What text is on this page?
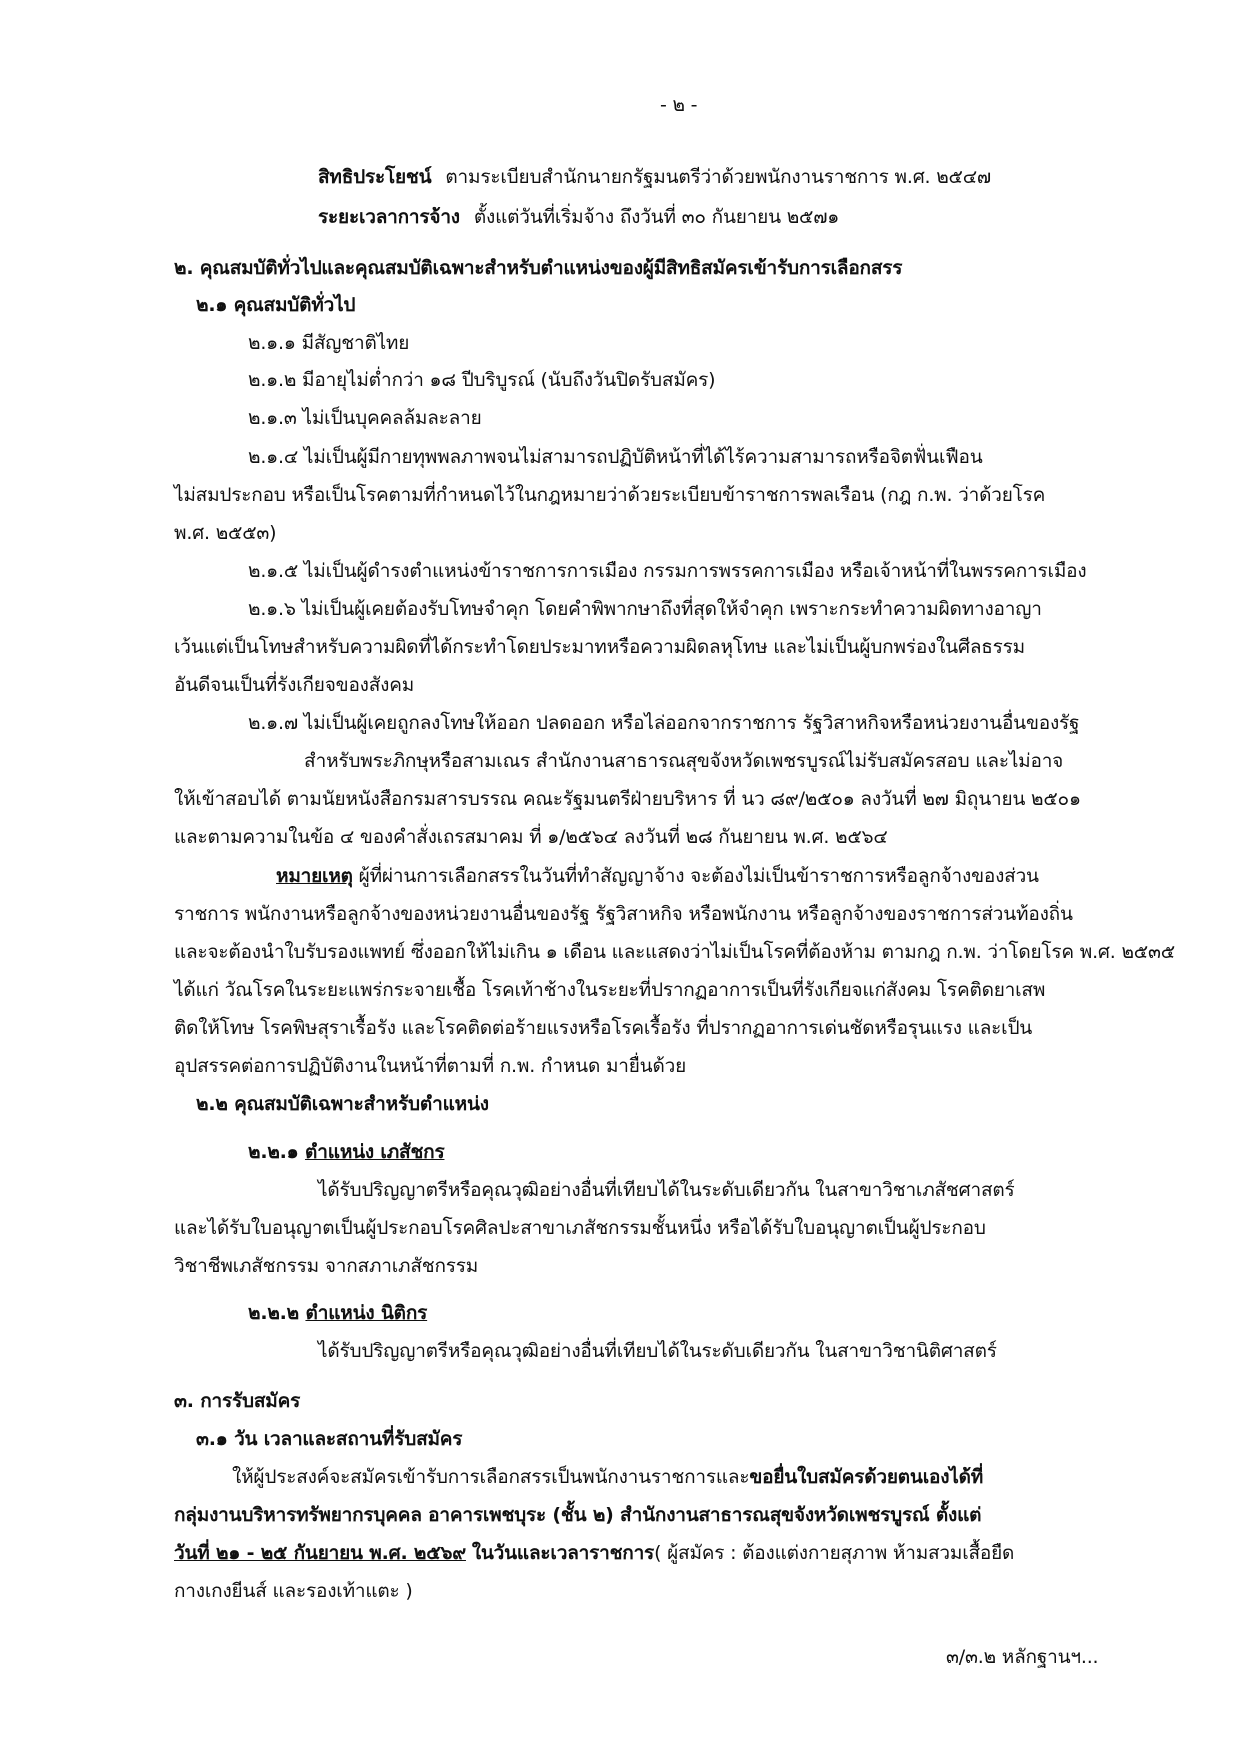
- ๒ -
สิทธิประโยชน์ ตามระเบียบสำนักนายกรัฐมนตรีว่าด้วยพนักงานราชการ พ.ศ. ๒๕๔๗
ระยะเวลาการจ้าง ตั้งแต่วันที่เริ่มจ้าง ถึงวันที่ ๓๐ กันยายน ๒๕๗๑
๒. คุณสมบัติทั่วไปและคุณสมบัติเฉพาะสำหรับตำแหน่งของผู้มีสิทธิสมัครเข้ารับการเลือกสรร
๒.๑ คุณสมบัติทั่วไป
๒.๑.๑ มีสัญชาติไทย
๒.๑.๒ มีอายุไม่ต่ำกว่า ๑๘ ปีบริบูรณ์ (นับถึงวันปิดรับสมัคร)
๒.๑.๓ ไม่เป็นบุคคลล้มละลาย
๒.๑.๔ ไม่เป็นผู้มีกายทุพพลภาพจนไม่สามารถปฏิบัติหน้าที่ได้ไร้ความสามารถหรือจิตฟั่นเฟือน
ไม่สมประกอบ หรือเป็นโรคตามที่กำหนดไว้ในกฎหมายว่าด้วยระเบียบข้าราชการพลเรือน (กฎ ก.พ. ว่าด้วยโรค
พ.ศ. ๒๕๕๓)
๒.๑.๕ ไม่เป็นผู้ดำรงตำแหน่งข้าราชการการเมือง กรรมการพรรคการเมือง หรือเจ้าหน้าที่ในพรรคการเมือง
๒.๑.๖ ไม่เป็นผู้เคยต้องรับโทษจำคุก โดยคำพิพากษาถึงที่สุดให้จำคุก เพราะกระทำความผิดทางอาญา
เว้นแต่เป็นโทษสำหรับความผิดที่ได้กระทำโดยประมาทหรือความผิดลหุโทษ และไม่เป็นผู้บกพร่องในศีลธรรม
อันดีจนเป็นที่รังเกียจของสังคม
๒.๑.๗ ไม่เป็นผู้เคยถูกลงโทษให้ออก ปลดออก หรือไล่ออกจากราชการ รัฐวิสาหกิจหรือหน่วยงานอื่นของรัฐ
สำหรับพระภิกษุหรือสามเณร สำนักงานสาธารณสุขจังหวัดเพชรบูรณ์ไม่รับสมัครสอบ และไม่อาจ
ให้เข้าสอบได้ ตามนัยหนังสือกรมสารบรรณ คณะรัฐมนตรีฝ่ายบริหาร ที่ นว ๘๙/๒๕๐๑ ลงวันที่ ๒๗ มิถุนายน ๒๕๐๑
และตามความในข้อ ๔ ของคำสั่งเถรสมาคม ที่ ๑/๒๕๖๔ ลงวันที่ ๒๘ กันยายน พ.ศ. ๒๕๖๔
หมายเหตุ ผู้ที่ผ่านการเลือกสรรในวันที่ทำสัญญาจ้าง จะต้องไม่เป็นข้าราชการหรือลูกจ้างของส่วน
ราชการ พนักงานหรือลูกจ้างของหน่วยงานอื่นของรัฐ รัฐวิสาหกิจ หรือพนักงาน หรือลูกจ้างของราชการส่วนท้องถิ่น
และจะต้องนำใบรับรองแพทย์ ซึ่งออกให้ไม่เกิน ๑ เดือน และแสดงว่าไม่เป็นโรคที่ต้องห้าม ตามกฎ ก.พ. ว่าโดยโรค พ.ศ. ๒๕๓๕
ได้แก่ วัณโรคในระยะแพร่กระจายเชื้อ โรคเท้าช้างในระยะที่ปรากฏอาการเป็นที่รังเกียจแก่สังคม โรคติดยาเสพ
ติดให้โทษ โรคพิษสุราเรื้อรัง และโรคติดต่อร้ายแรงหรือโรคเรื้อรัง ที่ปรากฏอาการเด่นชัดหรือรุนแรง และเป็น
อุปสรรคต่อการปฏิบัติงานในหน้าที่ตามที่ ก.พ. กำหนด มายื่นด้วย
๒.๒ คุณสมบัติเฉพาะสำหรับตำแหน่ง
๒.๒.๑ ตำแหน่ง เภสัชกร
ได้รับปริญญาตรีหรือคุณวุฒิอย่างอื่นที่เทียบได้ในระดับเดียวกัน ในสาขาวิชาเภสัชศาสตร์
และได้รับใบอนุญาตเป็นผู้ประกอบโรคศิลปะสาขาเภสัชกรรมชั้นหนึ่ง หรือได้รับใบอนุญาตเป็นผู้ประกอบ
วิชาชีพเภสัชกรรม จากสภาเภสัชกรรม
๒.๒.๒ ตำแหน่ง นิติกร
ได้รับปริญญาตรีหรือคุณวุฒิอย่างอื่นที่เทียบได้ในระดับเดียวกัน ในสาขาวิชานิติศาสตร์
๓. การรับสมัคร
๓.๑ วัน เวลาและสถานที่รับสมัคร
ให้ผู้ประสงค์จะสมัครเข้ารับการเลือกสรรเป็นพนักงานราชการและขอยื่นใบสมัครด้วยตนเองได้ที่
กลุ่มงานบริหารทรัพยากรบุคคล อาคารเพชบุระ (ชั้น ๒) สำนักงานสาธารณสุขจังหวัดเพชรบูรณ์ ตั้งแต่
วันที่ ๒๑ - ๒๕ กันยายน พ.ศ. ๒๕๖๙ ในวันและเวลาราชการ( ผู้สมัคร : ต้องแต่งกายสุภาพ ห้ามสวมเสื้อยืด
กางเกงยีนส์ และรองเท้าแตะ )
๓/๓.๒ หลักฐานฯ...
